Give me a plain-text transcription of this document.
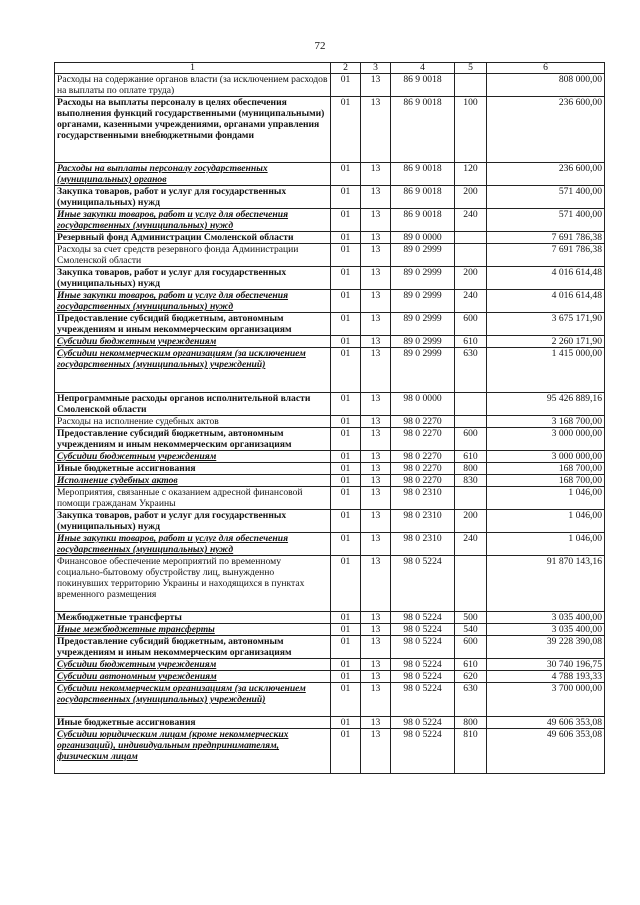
72
1	2	3	4	5	6
Расходы на содержание органов власти (за исключением расходов на выплаты по оплате труда)	01	13	86 9 0018		808 000,00
Расходы на выплаты персоналу в целях обеспечения выполнения функций государственными (муниципальными) органами, казенными учреждениями, органами управления государственными внебюджетными фондами	01	13	86 9 0018	100	236 600,00
Расходы на выплаты персоналу государственных (муниципальных) органов	01	13	86 9 0018	120	236 600,00
Закупка товаров, работ и услуг для государственных (муниципальных) нужд	01	13	86 9 0018	200	571 400,00
Иные закупки товаров, работ и услуг для обеспечения государственных (муниципальных) нужд	01	13	86 9 0018	240	571 400,00
Резервный фонд Администрации Смоленской области	01	13	89 0 0000		7 691 786,38
Расходы за счет средств резервного фонда Администрации Смоленской области	01	13	89 0 2999		7 691 786,38
Закупка товаров, работ и услуг для государственных (муниципальных) нужд	01	13	89 0 2999	200	4 016 614,48
Иные закупки товаров, работ и услуг для обеспечения государственных (муниципальных) нужд	01	13	89 0 2999	240	4 016 614,48
Предоставление субсидий бюджетным, автономным учреждениям и иным некоммерческим организациям	01	13	89 0 2999	600	3 675 171,90
Субсидии бюджетным учреждениям	01	13	89 0 2999	610	2 260 171,90
Субсидии некоммерческим организациям (за исключением государственных (муниципальных) учреждений)	01	13	89 0 2999	630	1 415 000,00
Непрограммные расходы органов исполнительной власти Смоленской области	01	13	98 0 0000		95 426 889,16
Расходы на исполнение судебных актов	01	13	98 0 2270		3 168 700,00
Предоставление субсидий бюджетным, автономным учреждениям и иным некоммерческим организациям	01	13	98 0 2270	600	3 000 000,00
Субсидии бюджетным учреждениям	01	13	98 0 2270	610	3 000 000,00
Иные бюджетные ассигнования	01	13	98 0 2270	800	168 700,00
Исполнение судебных актов	01	13	98 0 2270	830	168 700,00
Мероприятия, связанные с оказанием адресной финансовой помощи гражданам Украины	01	13	98 0 2310		1 046,00
Закупка товаров, работ и услуг для государственных (муниципальных) нужд	01	13	98 0 2310	200	1 046,00
Иные закупки товаров, работ и услуг для обеспечения государственных (муниципальных) нужд	01	13	98 0 2310	240	1 046,00
Финансовое обеспечение мероприятий по временному социально-бытовому обустройству лиц, вынужденно покинувших территорию Украины и находящихся в пунктах временного размещения	01	13	98 0 5224		91 870 143,16
Межбюджетные трансферты	01	13	98 0 5224	500	3 035 400,00
Иные межбюджетные трансферты	01	13	98 0 5224	540	3 035 400,00
Предоставление субсидий бюджетным, автономным учреждениям и иным некоммерческим организациям	01	13	98 0 5224	600	39 228 390,08
Субсидии бюджетным учреждениям	01	13	98 0 5224	610	30 740 196,75
Субсидии автономным учреждениям	01	13	98 0 5224	620	4 788 193,33
Субсидии некоммерческим организациям (за исключением государственных (муниципальных) учреждений)	01	13	98 0 5224	630	3 700 000,00
Иные бюджетные ассигнования	01	13	98 0 5224	800	49 606 353,08
Субсидии юридическим лицам (кроме некоммерческих организаций), индивидуальным предпринимателям, физическим лицам	01	13	98 0 5224	810	49 606 353,08
